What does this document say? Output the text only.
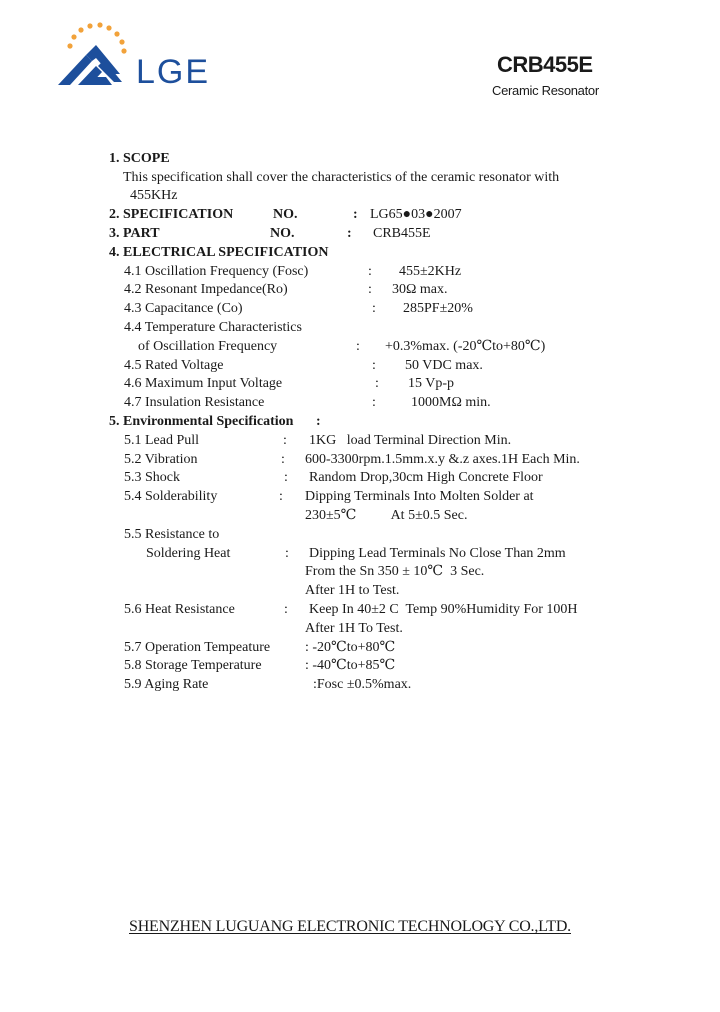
LGE	CRB455E
Ceramic Resonator
1. SCOPE
This specification shall cover the characteristics of the ceramic resonator with
455KHz
2. SPECIFICATION	NO.	: LG65●03●2007
3. PART	NO.	: CRB455E
4. ELECTRICAL SPECIFICATION
4.1 Oscillation Frequency (Fosc)	: 455±2KHz
4.2 Resonant Impedance(Ro)	: 30Ω max.
4.3 Capacitance (Co)	: 285PF±20%
4.4 Temperature Characteristics
of Oscillation Frequency	: +0.3%max. (-20℃to+80℃)
4.5 Rated Voltage	: 50 VDC max.
4.6 Maximum Input Voltage	: 15 Vp-p
4.7 Insulation Resistance	:	1000MΩ min.
5. Environmental Specification :
5.1 Lead Pull	: 1KG   load Terminal Direction Min.
5.2 Vibration	: 600-3300rpm.1.5mm.x.y &.z axes.1H Each Min.
5.3 Shock	: Random Drop,30cm High Concrete Floor
5.4 Solderability	: Dipping Terminals Into Molten Solder at
230±5℃          At 5±0.5 Sec.
5.5 Resistance to
Soldering Heat	: Dipping Lead Terminals No Close Than 2mm
From the Sn 350 ± 10℃  3 Sec.
After 1H to Test.
5.6 Heat Resistance	: Keep In 40±2 C  Temp 90%Humidity For 100H
After 1H To Test.
5.7 Operation Tempeature : -20℃to+80℃
5.8 Storage Temperature	: -40℃to+85℃
5.9 Aging Rate	:Fosc ±0.5%max.
SHENZHEN LUGUANG ELECTRONIC TECHNOLOGY CO.,LTD.
